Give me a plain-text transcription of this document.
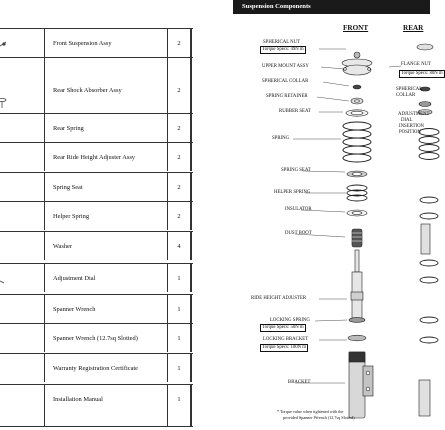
Front Suspension Assy	2
Rear Shock Absorber Assy	2
Rear Spring	2
Rear Ride Height Adjuster Assy	2
Spring Seat	2
Helper Spring	2
Washer	4
Adjustment Dial	1
Spanner Wrench	1
Spanner Wrench (12.7sq Slotted)	1
Warranty Registration Certificate	1
Installation Manual	1
Suspension Components
FRONT	REAR
SPHERICAL NUT
Torque Specs: 49N m
UPPER MOUNT ASSY
SPHERICAL COLLAR
SPRING RETAINER
RUBBER SEAT
SPRING
SPRING SEAT
HELPER SPRING
INSULATOR
DUST BOOT
RIDE HEIGHT ADJUSTER
LOCKING SPRING
Torque Specs: 50N m
LOCKING BRACKET
Torque Specs: 100N m
BRACKET
FLANGE NUT
Torque Specs: 80N m
SPHERICAL
COLLAR
ADJUSTMENT
DIAL
INSERTION
POSITION
* Torque value when tightened with the
provided Spanner Wrench (12.7sq Slotted)
